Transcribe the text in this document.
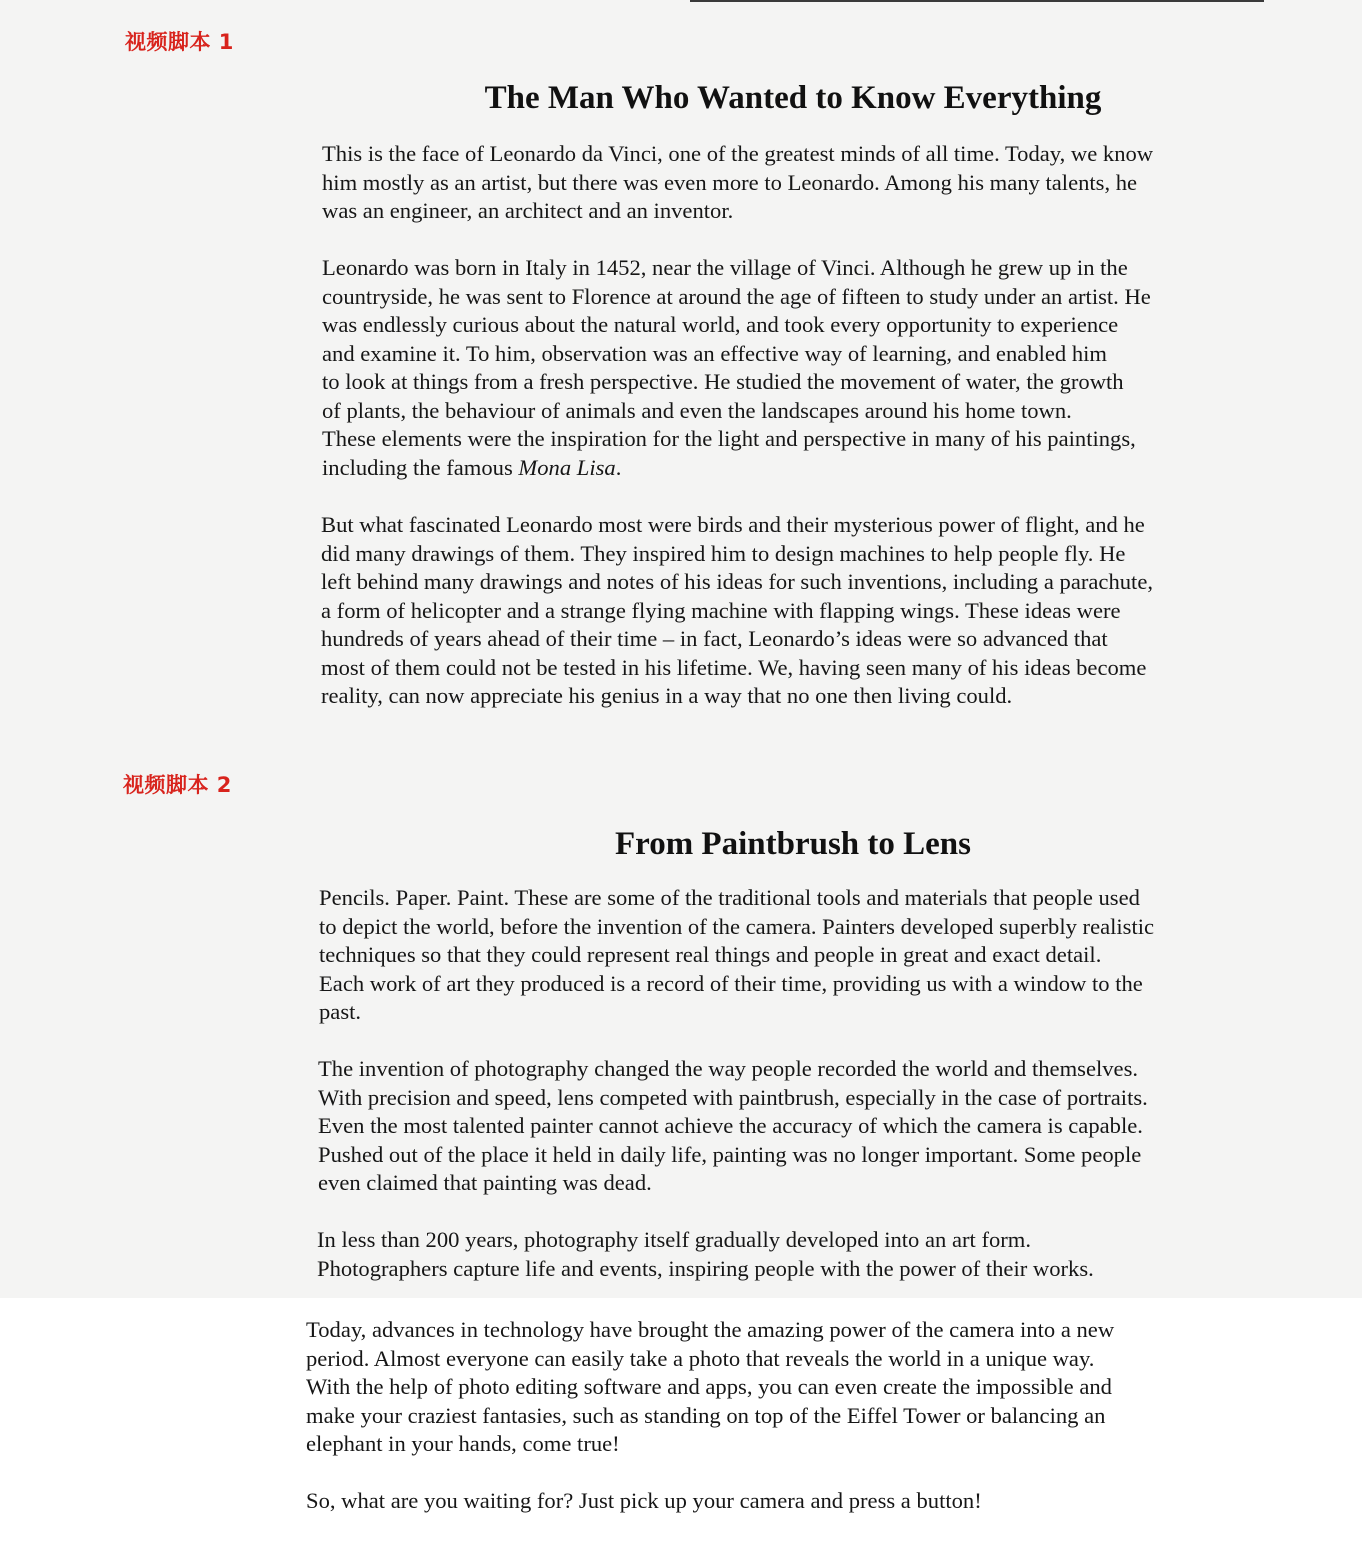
视频脚本 1
The Man Who Wanted to Know Everything

This is the face of Leonardo da Vinci, one of the greatest minds of all time. Today, we know
him mostly as an artist, but there was even more to Leonardo. Among his many talents, he
was an engineer, an architect and an inventor.

Leonardo was born in Italy in 1452, near the village of Vinci. Although he grew up in the
countryside, he was sent to Florence at around the age of fifteen to study under an artist. He
was endlessly curious about the natural world, and took every opportunity to experience
and examine it. To him, observation was an effective way of learning, and enabled him
to look at things from a fresh perspective. He studied the movement of water, the growth
of plants, the behaviour of animals and even the landscapes around his home town.
These elements were the inspiration for the light and perspective in many of his paintings,
including the famous Mona Lisa.

But what fascinated Leonardo most were birds and their mysterious power of flight, and he
did many drawings of them. They inspired him to design machines to help people fly. He
left behind many drawings and notes of his ideas for such inventions, including a parachute,
a form of helicopter and a strange flying machine with flapping wings. These ideas were
hundreds of years ahead of their time – in fact, Leonardo’s ideas were so advanced that
most of them could not be tested in his lifetime. We, having seen many of his ideas become
reality, can now appreciate his genius in a way that no one then living could.

视频脚本 2
From Paintbrush to Lens

Pencils. Paper. Paint. These are some of the traditional tools and materials that people used
to depict the world, before the invention of the camera. Painters developed superbly realistic
techniques so that they could represent real things and people in great and exact detail.
Each work of art they produced is a record of their time, providing us with a window to the
past.

The invention of photography changed the way people recorded the world and themselves.
With precision and speed, lens competed with paintbrush, especially in the case of portraits.
Even the most talented painter cannot achieve the accuracy of which the camera is capable.
Pushed out of the place it held in daily life, painting was no longer important. Some people
even claimed that painting was dead.

In less than 200 years, photography itself gradually developed into an art form.
Photographers capture life and events, inspiring people with the power of their works.

Today, advances in technology have brought the amazing power of the camera into a new
period. Almost everyone can easily take a photo that reveals the world in a unique way.
With the help of photo editing software and apps, you can even create the impossible and
make your craziest fantasies, such as standing on top of the Eiffel Tower or balancing an
elephant in your hands, come true!

So, what are you waiting for? Just pick up your camera and press a button!
